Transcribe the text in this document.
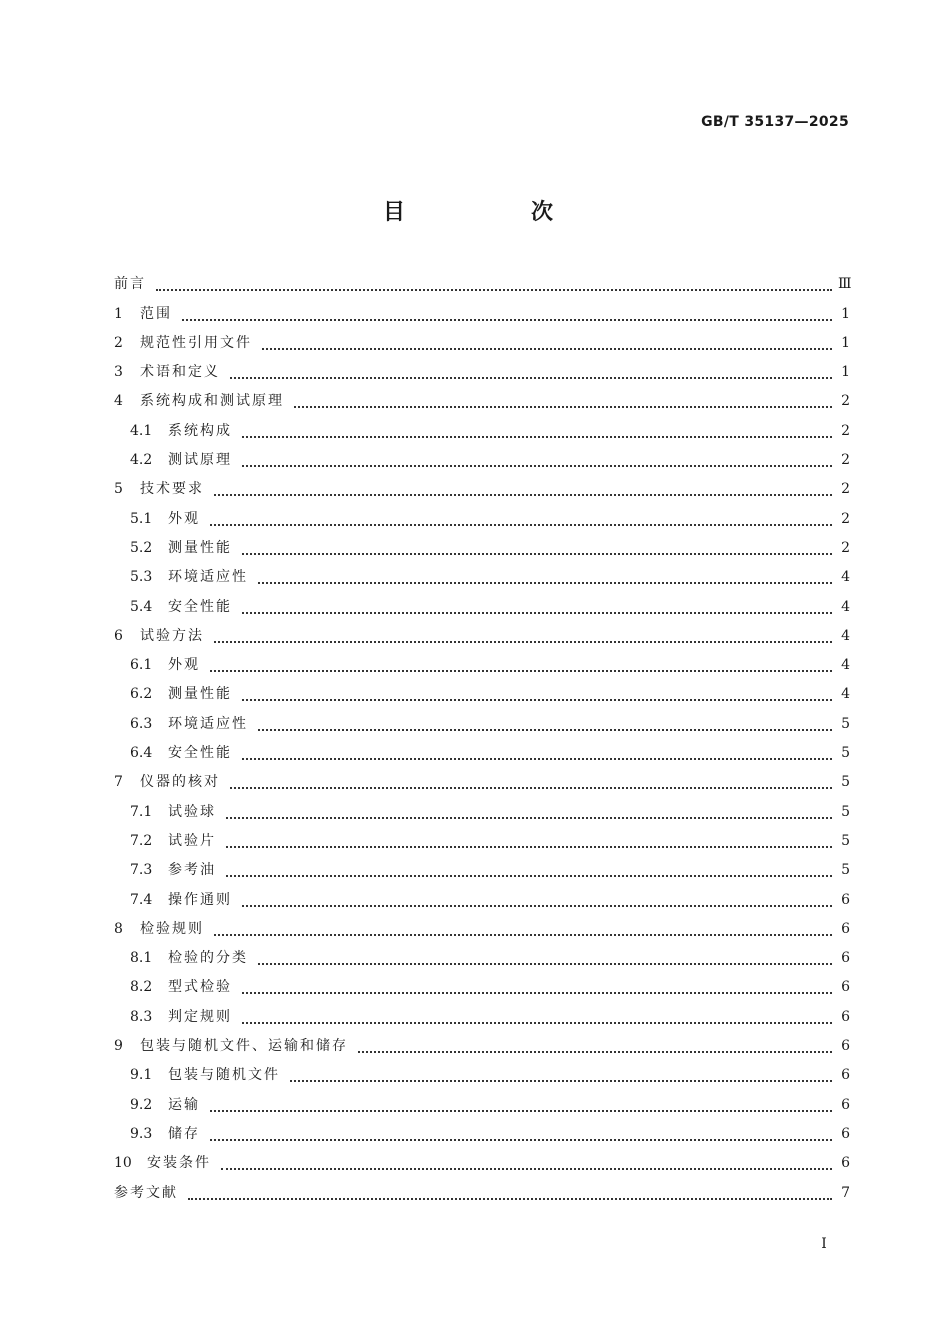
GB/T 35137—2025
目　次
前言	Ⅲ
1	范围	1
2	规范性引用文件	1
3	术语和定义	1
4	系统构成和测试原理	2
4.1	系统构成	2
4.2	测试原理	2
5	技术要求	2
5.1	外观	2
5.2	测量性能	2
5.3	环境适应性	4
5.4	安全性能	4
6	试验方法	4
6.1	外观	4
6.2	测量性能	4
6.3	环境适应性	5
6.4	安全性能	5
7	仪器的核对	5
7.1	试验球	5
7.2	试验片	5
7.3	参考油	5
7.4	操作通则	6
8	检验规则	6
8.1	检验的分类	6
8.2	型式检验	6
8.3	判定规则	6
9	包装与随机文件、运输和储存	6
9.1	包装与随机文件	6
9.2	运输	6
9.3	储存	6
10	安装条件	6
参考文献	7
I
